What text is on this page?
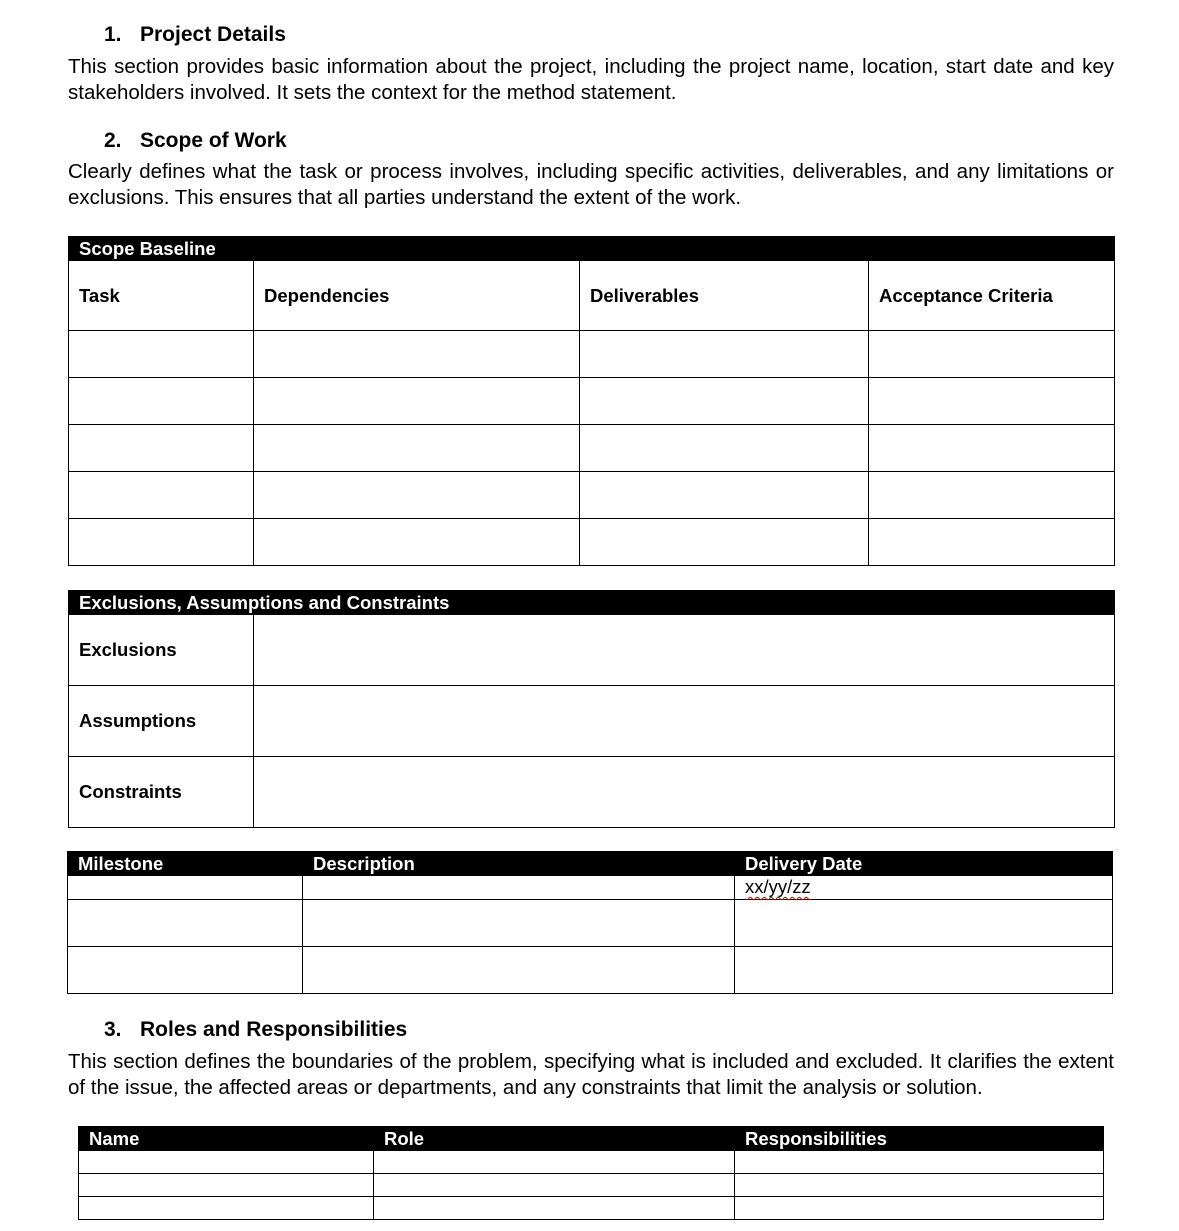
1. Project Details

This section provides basic information about the project, including the project name, location, start date and key stakeholders involved. It sets the context for the method statement.

2. Scope of Work

Clearly defines what the task or process involves, including specific activities, deliverables, and any limitations or exclusions. This ensures that all parties understand the extent of the work.

Scope Baseline			
Task	Dependencies	Deliverables	Acceptance Criteria

Exclusions, Assumptions and Constraints	
Exclusions	
Assumptions	
Constraints	
Milestone	Description	Delivery Date
		xx/yy/zz

3. Roles and Responsibilities

This section defines the boundaries of the problem, specifying what is included and excluded. It clarifies the extent of the issue, the affected areas or departments, and any constraints that limit the analysis or solution.

Name	Role	Responsibilities
